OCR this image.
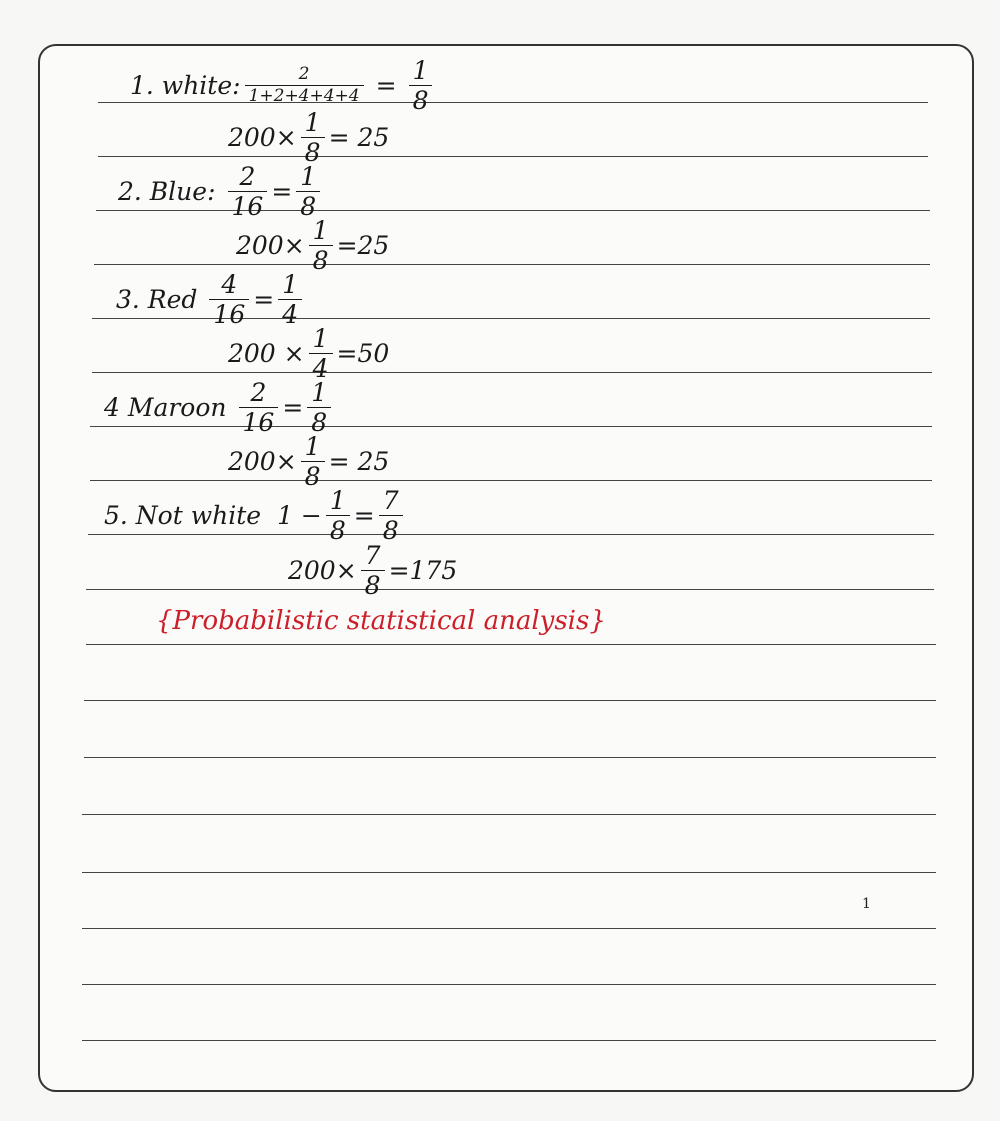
1. white: $\frac{2}{1+2+4+4+4} = \frac{1}{8}$
$200\times \frac{1}{8} = 25$
2. Blue: $\frac{2}{16} = \frac{1}{8}$
$200\times \frac{1}{8} = 25$
3. Red $\frac{4}{16} = \frac{1}{4}$
$200 \times \frac{1}{4} = 50$
4 Maroon $\frac{2}{16} = \frac{1}{8}$
$200\times \frac{1}{8} = 25$
5. Not white $1 - \frac{1}{8} = \frac{7}{8}$
$200\times \frac{7}{8} = 175$
{Probabilistic statistical analysis}
1
